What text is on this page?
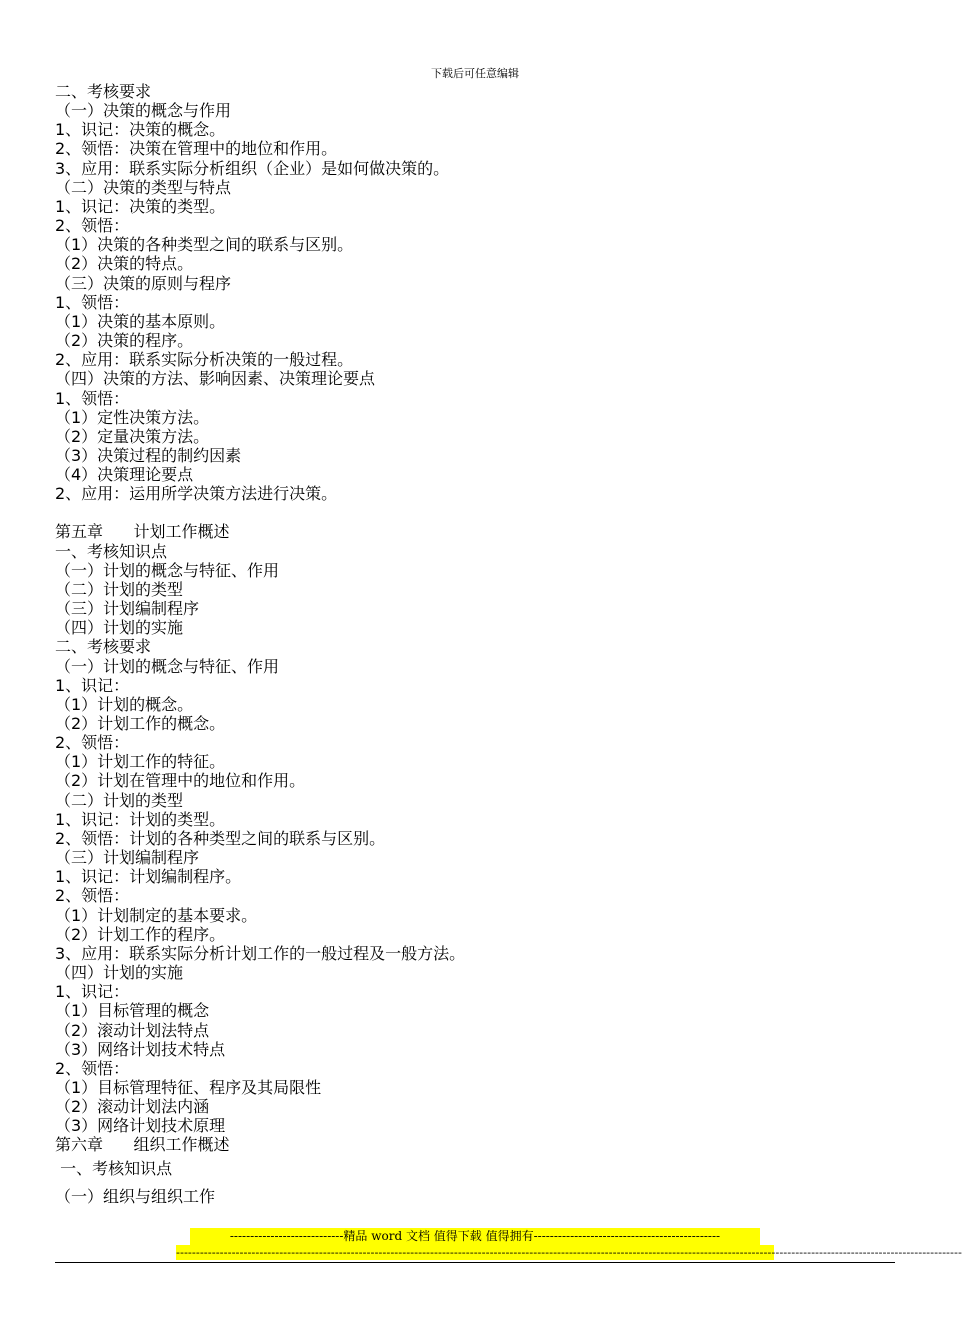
下载后可任意编辑
二、考核要求
（一）决策的概念与作用
1、识记：决策的概念。
2、领悟：决策在管理中的地位和作用。
3、应用：联系实际分析组织（企业）是如何做决策的。
（二）决策的类型与特点
1、识记：决策的类型。
2、领悟：
（1）决策的各种类型之间的联系与区别。
（2）决策的特点。
（三）决策的原则与程序
1、领悟：
（1）决策的基本原则。
（2）决策的程序。
2、应用：联系实际分析决策的一般过程。
（四）决策的方法、影响因素、决策理论要点
1、领悟：
（1）定性决策方法。
（2）定量决策方法。
（3）决策过程的制约因素
（4）决策理论要点
2、应用：运用所学决策方法进行决策。
第五章      计划工作概述
一、考核知识点
（一）计划的概念与特征、作用
（二）计划的类型
（三）计划编制程序
（四）计划的实施
二、考核要求
（一）计划的概念与特征、作用
1、识记：
（1）计划的概念。
（2）计划工作的概念。
2、领悟：
（1）计划工作的特征。
（2）计划在管理中的地位和作用。
（二）计划的类型
1、识记：计划的类型。
2、领悟：计划的各种类型之间的联系与区别。
（三）计划编制程序
1、识记：计划编制程序。
2、领悟：
（1）计划制定的基本要求。
（2）计划工作的程序。
3、应用：联系实际分析计划工作的一般过程及一般方法。
（四）计划的实施
1、识记：
（1）目标管理的概念
（2）滚动计划法特点
（3）网络计划技术特点
2、领悟：
（1）目标管理特征、程序及其局限性
（2）滚动计划法内涵
（3）网络计划技术原理
第六章      组织工作概述
一、考核知识点
（一）组织与组织工作
----------------------------精品 word 文档 值得下载 值得拥有----------------------------------------------
------------------------------------------------------------------------------------------------------------------------------------------------------------------------------------------------------
